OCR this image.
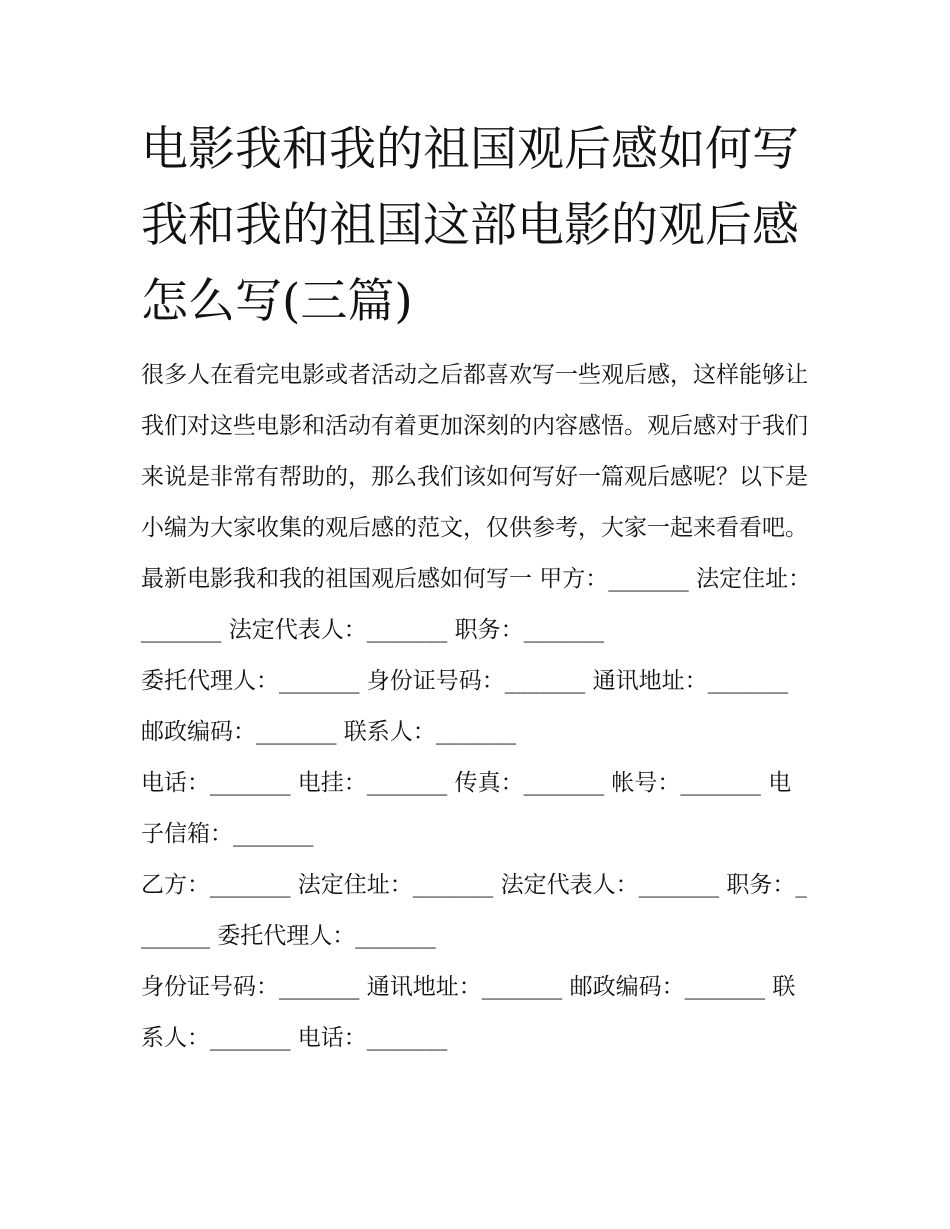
电影我和我的祖国观后感如何写 我和我的祖国这部电影的观后感怎么写(三篇)

很多人在看完电影或者活动之后都喜欢写一些观后感，这样能够让我们对这些电影和活动有着更加深刻的内容感悟。观后感对于我们来说是非常有帮助的，那么我们该如何写好一篇观后感呢？以下是小编为大家收集的观后感的范文，仅供参考，大家一起来看看吧。

最新电影我和我的祖国观后感如何写一 甲方：_______ 法定住址：_______ 法定代表人：_______ 职务：_______

委托代理人：_______ 身份证号码：_______ 通讯地址：_______ 邮政编码：_______ 联系人：_______

电话：_______ 电挂：_______ 传真：_______ 帐号：_______ 电子信箱：_______

乙方：_______ 法定住址：_______ 法定代表人：_______ 职务：_______ 委托代理人：_______

身份证号码：_______ 通讯地址：_______ 邮政编码：_______ 联系人：_______ 电话：_______
